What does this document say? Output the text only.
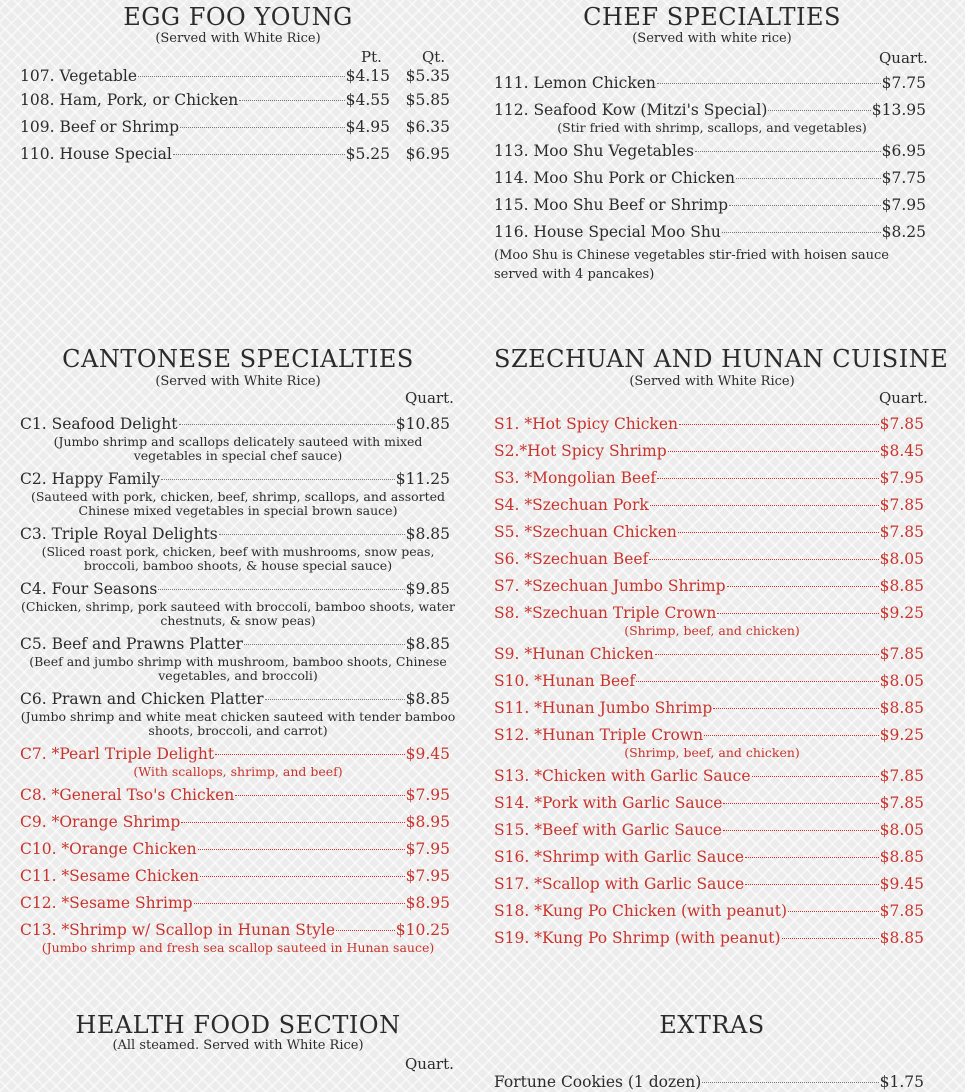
EGG FOO YOUNG
(Served with White Rice)
Pt.	Qt.
107. Vegetable	$4.15	$5.35
108. Ham, Pork, or Chicken	$4.55	$5.85
109. Beef or Shrimp	$4.95	$6.35
110. House Special	$5.25	$6.95
CHEF SPECIALTIES
(Served with white rice)
Quart.
111. Lemon Chicken	$7.75
112. Seafood Kow (Mitzi's Special)	$13.95
(Stir fried with shrimp, scallops, and vegetables)
113. Moo Shu Vegetables	$6.95
114. Moo Shu Pork or Chicken	$7.75
115. Moo Shu Beef or Shrimp	$7.95
116. House Special Moo Shu	$8.25
(Moo Shu is Chinese vegetables stir-fried with hoisen sauce served with 4 pancakes)
CANTONESE SPECIALTIES
(Served with White Rice)
Quart.
C1. Seafood Delight	$10.85
(Jumbo shrimp and scallops delicately sauteed with mixed vegetables in special chef sauce)
C2. Happy Family	$11.25
(Sauteed with pork, chicken, beef, shrimp, scallops, and assorted Chinese mixed vegetables in special brown sauce)
C3. Triple Royal Delights	$8.85
(Sliced roast pork, chicken, beef with mushrooms, snow peas, broccoli, bamboo shoots, & house special sauce)
C4. Four Seasons	$9.85
(Chicken, shrimp, pork sauteed with broccoli, bamboo shoots, water chestnuts, & snow peas)
C5. Beef and Prawns Platter	$8.85
(Beef and jumbo shrimp with mushroom, bamboo shoots, Chinese vegetables, and broccoli)
C6. Prawn and Chicken Platter	$8.85
(Jumbo shrimp and white meat chicken sauteed with tender bamboo shoots, broccoli, and carrot)
C7. *Pearl Triple Delight	$9.45
(With scallops, shrimp, and beef)
C8. *General Tso's Chicken	$7.95
C9. *Orange Shrimp	$8.95
C10. *Orange Chicken	$7.95
C11. *Sesame Chicken	$7.95
C12. *Sesame Shrimp	$8.95
C13. *Shrimp w/ Scallop in Hunan Style	$10.25
(Jumbo shrimp and fresh sea scallop sauteed in Hunan sauce)
SZECHUAN AND HUNAN CUISINE
(Served with White Rice)
Quart.
S1. *Hot Spicy Chicken	$7.85
S2.*Hot Spicy Shrimp	$8.45
S3. *Mongolian Beef	$7.95
S4. *Szechuan Pork	$7.85
S5. *Szechuan Chicken	$7.85
S6. *Szechuan Beef	$8.05
S7. *Szechuan Jumbo Shrimp	$8.85
S8. *Szechuan Triple Crown	$9.25
(Shrimp, beef, and chicken)
S9. *Hunan Chicken	$7.85
S10. *Hunan Beef	$8.05
S11. *Hunan Jumbo Shrimp	$8.85
S12. *Hunan Triple Crown	$9.25
(Shrimp, beef, and chicken)
S13. *Chicken with Garlic Sauce	$7.85
S14. *Pork with Garlic Sauce	$7.85
S15. *Beef with Garlic Sauce	$8.05
S16. *Shrimp with Garlic Sauce	$8.85
S17. *Scallop with Garlic Sauce	$9.45
S18. *Kung Po Chicken (with peanut)	$7.85
S19. *Kung Po Shrimp (with peanut)	$8.85
HEALTH FOOD SECTION
(All steamed. Served with White Rice)
Quart.
EXTRAS
Fortune Cookies (1 dozen)	$1.75
